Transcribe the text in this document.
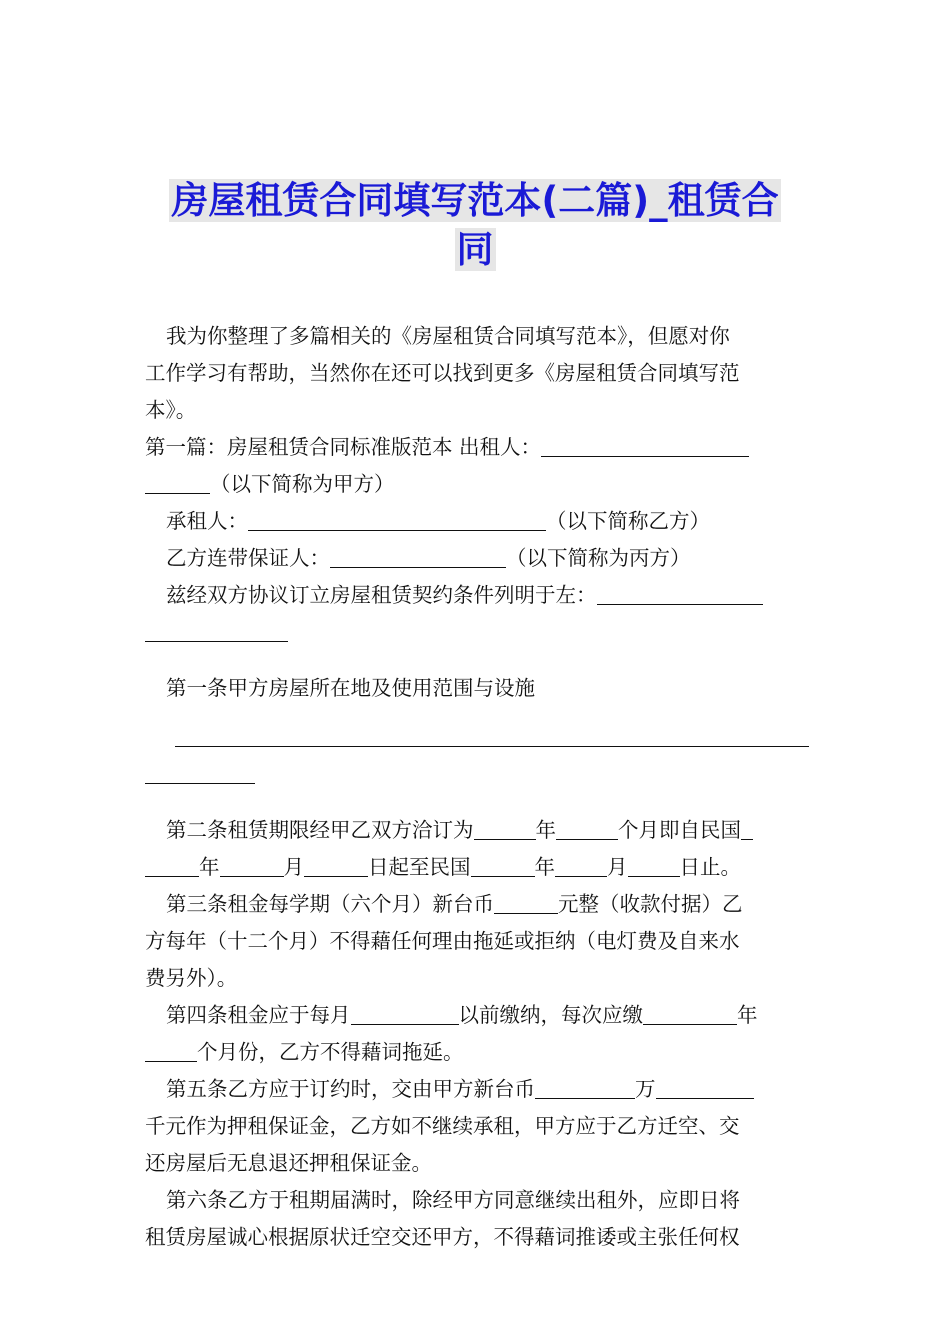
房屋租赁合同填写范本(二篇)_租赁合
同

我为你整理了多篇相关的《房屋租赁合同填写范本》，但愿对你

工作学习有帮助，当然你在还可以找到更多《房屋租赁合同填写范

本》。

第一篇：房屋租赁合同标准版范本 出租人：

（以下简称为甲方）

承租人：	（以下简称乙方）

乙方连带保证人：	（以下简称为丙方）

兹经双方协议订立房屋租赁契约条件列明于左：

第一条甲方房屋所在地及使用范围与设施

第二条租赁期限经甲乙双方洽订为	年	个月即自民国

年	月	日起至民国	年	月	日止。

第三条租金每学期（六个月）新台币	元整（收款付据）乙

方每年（十二个月）不得藉任何理由拖延或拒纳（电灯费及自来水

费另外）。

第四条租金应于每月	以前缴纳，每次应缴	年

个月份，乙方不得藉词拖延。

第五条乙方应于订约时，交由甲方新台币	万

千元作为押租保证金，乙方如不继续承租，甲方应于乙方迁空、交

还房屋后无息退还押租保证金。

第六条乙方于租期届满时，除经甲方同意继续出租外，应即日将

租赁房屋诚心根据原状迁空交还甲方，不得藉词推诿或主张任何权
